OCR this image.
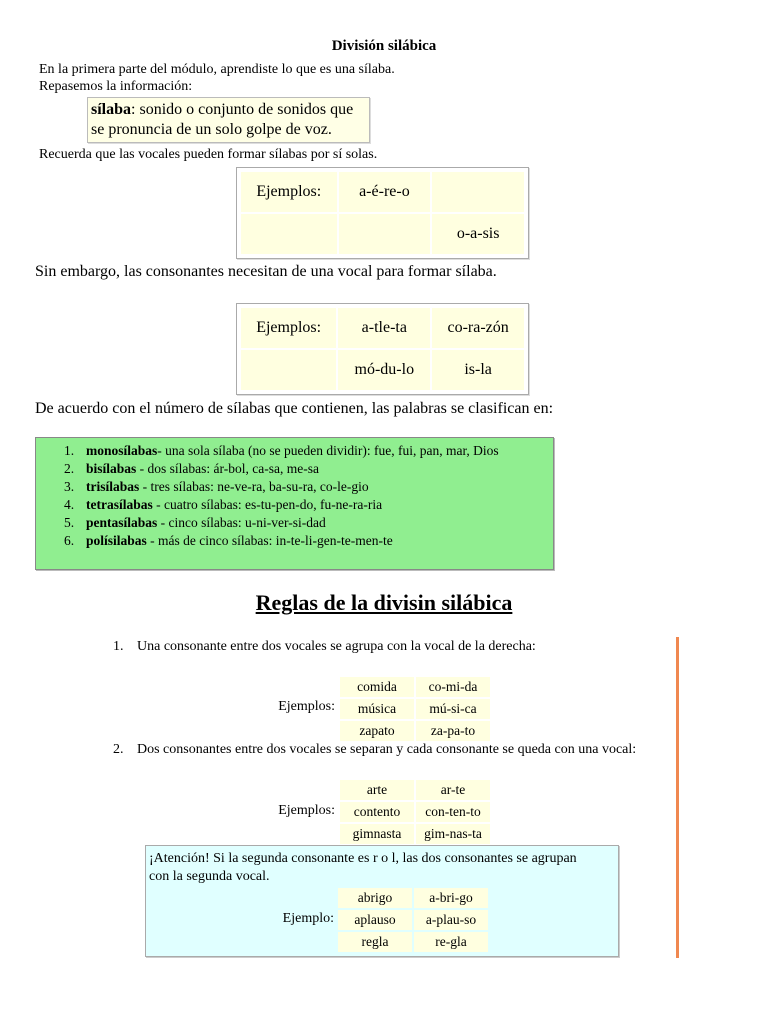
División silábica
En la primera parte del módulo, aprendiste lo que es una sílaba.
Repasemos la información:
sílaba: sonido o conjunto de sonidos que
se pronuncia de un solo golpe de voz.
Recuerda que las vocales pueden formar sílabas por sí solas.
Ejemplos:	a-é-re-o	
		o-a-sis
Sin embargo, las consonantes necesitan de una vocal para formar sílaba.
Ejemplos:	a-tle-ta	co-ra-zón
	mó-du-lo	is-la
De acuerdo con el número de sílabas que contienen, las palabras se clasifican en:
1. monosílabas- una sola sílaba (no se pueden dividir): fue, fui, pan, mar, Dios
2. bisílabas - dos sílabas: ár-bol, ca-sa, me-sa
3. trisílabas - tres sílabas: ne-ve-ra, ba-su-ra, co-le-gio
4. tetrasílabas - cuatro sílabas: es-tu-pen-do, fu-ne-ra-ria
5. pentasílabas - cinco sílabas: u-ni-ver-si-dad
6. polísilabas - más de cinco sílabas: in-te-li-gen-te-men-te
Reglas de la divisin silábica
1. Una consonante entre dos vocales se agrupa con la vocal de la derecha:
Ejemplos:
comida	co-mi-da
música	mú-si-ca
zapato	za-pa-to
2. Dos consonantes entre dos vocales se separan y cada consonante se queda con una vocal:
Ejemplos:
arte	ar-te
contento	con-ten-to
gimnasta	gim-nas-ta
¡Atención! Si la segunda consonante es r o l, las dos consonantes se agrupan
con la segunda vocal.
Ejemplo:
abrigo	a-bri-go
aplauso	a-plau-so
regla	re-gla
